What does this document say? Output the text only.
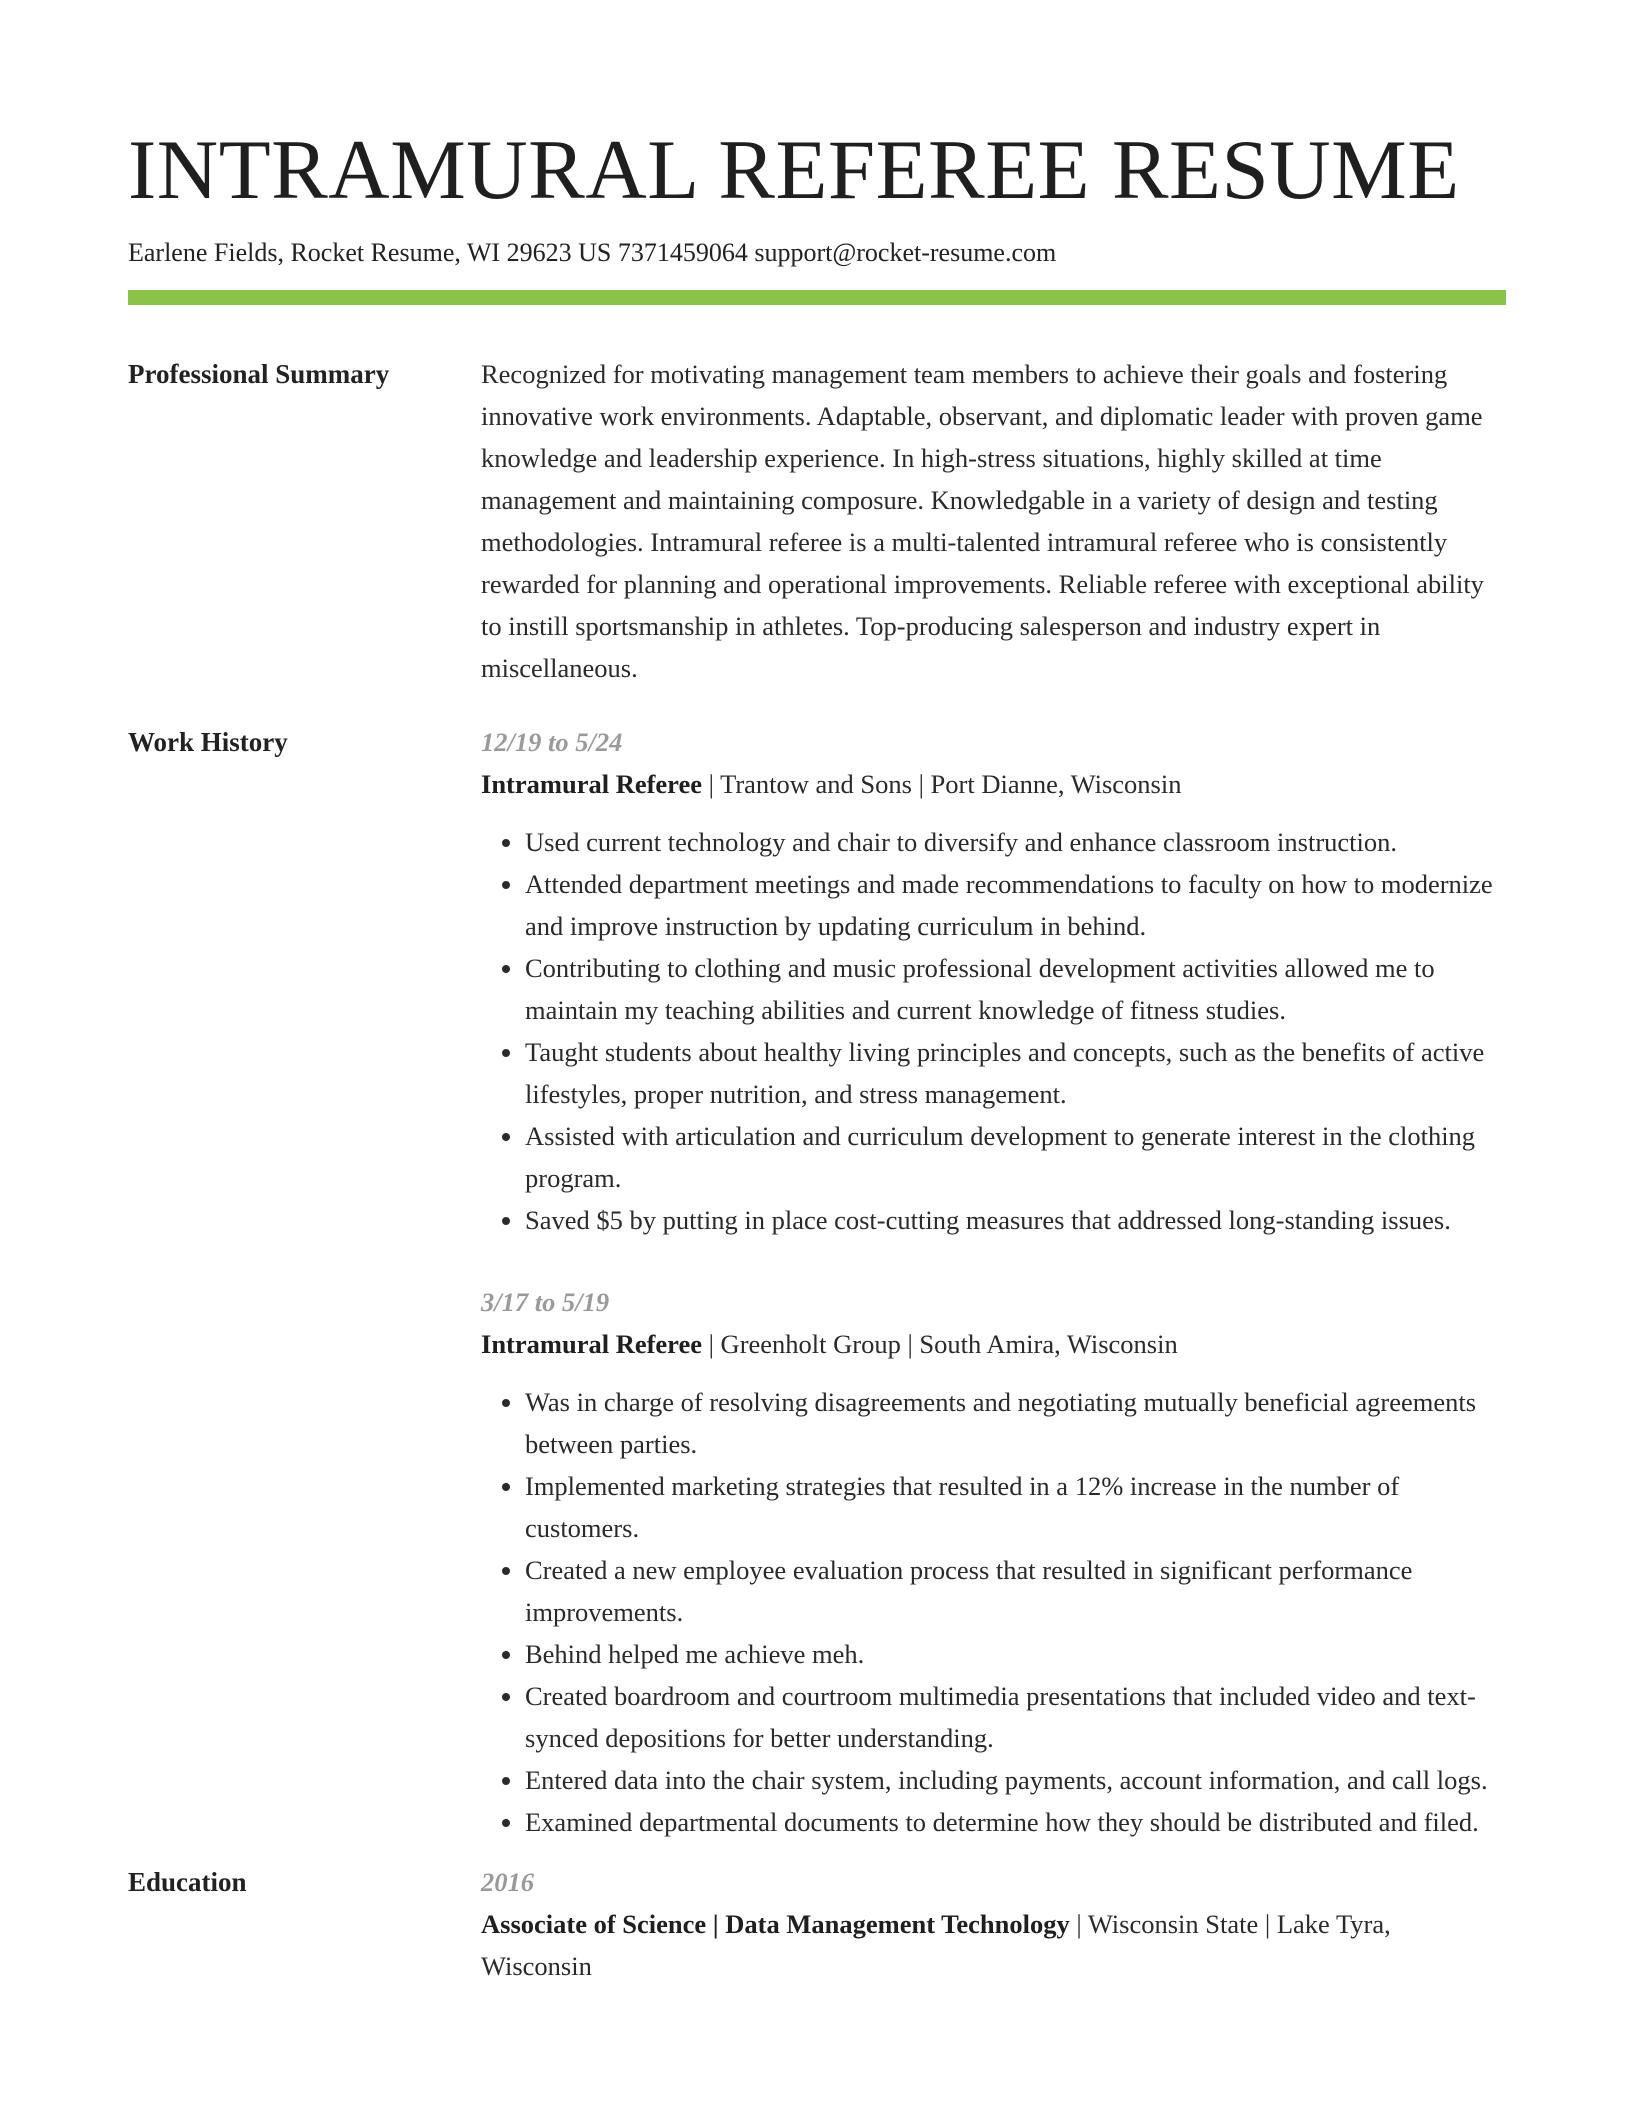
INTRAMURAL REFEREE RESUME
Earlene Fields, Rocket Resume, WI 29623 US 7371459064 support@rocket-resume.com
Professional Summary	Recognized for motivating management team members to achieve their goals and fostering innovative work environments. Adaptable, observant, and diplomatic leader with proven game knowledge and leadership experience. In high-stress situations, highly skilled at time management and maintaining composure. Knowledgable in a variety of design and testing methodologies. Intramural referee is a multi-talented intramural referee who is consistently rewarded for planning and operational improvements. Reliable referee with exceptional ability to instill sportsmanship in athletes. Top-producing salesperson and industry expert in miscellaneous.
Work History	12/19 to 5/24
Intramural Referee | Trantow and Sons | Port Dianne, Wisconsin
• Used current technology and chair to diversify and enhance classroom instruction.
• Attended department meetings and made recommendations to faculty on how to modernize and improve instruction by updating curriculum in behind.
• Contributing to clothing and music professional development activities allowed me to maintain my teaching abilities and current knowledge of fitness studies.
• Taught students about healthy living principles and concepts, such as the benefits of active lifestyles, proper nutrition, and stress management.
• Assisted with articulation and curriculum development to generate interest in the clothing program.
• Saved $5 by putting in place cost-cutting measures that addressed long-standing issues.
3/17 to 5/19
Intramural Referee | Greenholt Group | South Amira, Wisconsin
• Was in charge of resolving disagreements and negotiating mutually beneficial agreements between parties.
• Implemented marketing strategies that resulted in a 12% increase in the number of customers.
• Created a new employee evaluation process that resulted in significant performance improvements.
• Behind helped me achieve meh.
• Created boardroom and courtroom multimedia presentations that included video and text-synced depositions for better understanding.
• Entered data into the chair system, including payments, account information, and call logs.
• Examined departmental documents to determine how they should be distributed and filed.
Education	2016
Associate of Science | Data Management Technology | Wisconsin State | Lake Tyra, Wisconsin
